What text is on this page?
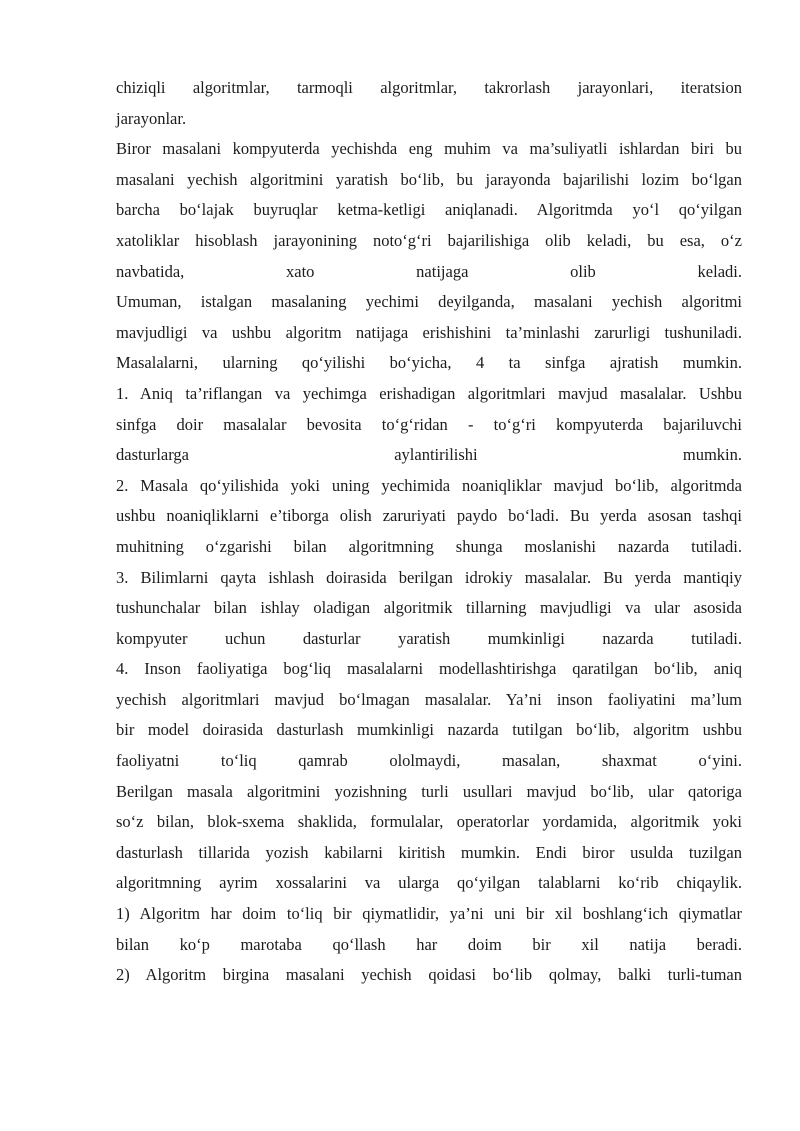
chiziqli algoritmlar, tarmoqli algoritmlar, takrorlash jarayonlari, iteratsion
jarayonlar.
Biror masalani kompyuterda yechishda eng muhim va ma’suliyatli ishlardan biri bu
masalani yechish algoritmini yaratish bo‘lib, bu jarayonda bajarilishi lozim bo‘lgan
barcha bo‘lajak buyruqlar ketma-ketligi aniqlanadi. Algoritmda yo‘l qo‘yilgan
xatoliklar hisoblash jarayonining noto‘g‘ri bajarilishiga olib keladi, bu esa, o‘z
navbatida, xato natijaga olib keladi.
Umuman, istalgan masalaning yechimi deyilganda, masalani yechish algoritmi
mavjudligi va ushbu algoritm natijaga erishishini ta’minlashi zarurligi tushuniladi.
Masalalarni, ularning qo‘yilishi bo‘yicha, 4 ta sinfga ajratish mumkin.
1. Aniq ta’riflangan va yechimga erishadigan algoritmlari mavjud masalalar. Ushbu
sinfga doir masalalar bevosita to‘g‘ridan - to‘g‘ri kompyuterda bajariluvchi
dasturlarga aylantirilishi mumkin.
2. Masala qo‘yilishida yoki uning yechimida noaniqliklar mavjud bo‘lib, algoritmda
ushbu noaniqliklarni e’tiborga olish zaruriyati paydo bo‘ladi. Bu yerda asosan tashqi
muhitning o‘zgarishi bilan algoritmning shunga moslanishi nazarda tutiladi.
3. Bilimlarni qayta ishlash doirasida berilgan idrokiy masalalar. Bu yerda mantiqiy
tushunchalar bilan ishlay oladigan algoritmik tillarning mavjudligi va ular asosida
kompyuter uchun dasturlar yaratish mumkinligi nazarda tutiladi.
4. Inson faoliyatiga bog‘liq masalalarni modellashtirishga qaratilgan bo‘lib, aniq
yechish algoritmlari mavjud bo‘lmagan masalalar. Ya’ni inson faoliyatini ma’lum
bir model doirasida dasturlash mumkinligi nazarda tutilgan bo‘lib, algoritm ushbu
faoliyatni to‘liq qamrab ololmaydi, masalan, shaxmat o‘yini.
Berilgan masala algoritmini yozishning turli usullari mavjud bo‘lib, ular qatoriga
so‘z bilan, blok-sxema shaklida, formulalar, operatorlar yordamida, algoritmik yoki
dasturlash tillarida yozish kabilarni kiritish mumkin. Endi biror usulda tuzilgan
algoritmning ayrim xossalarini va ularga qo‘yilgan talablarni ko‘rib chiqaylik.
1) Algoritm har doim to‘liq bir qiymatlidir, ya’ni uni bir xil boshlang‘ich qiymatlar
bilan ko‘p marotaba qo‘llash har doim bir xil natija beradi.
2) Algoritm birgina masalani yechish qoidasi bo‘lib qolmay, balki turli-tuman
